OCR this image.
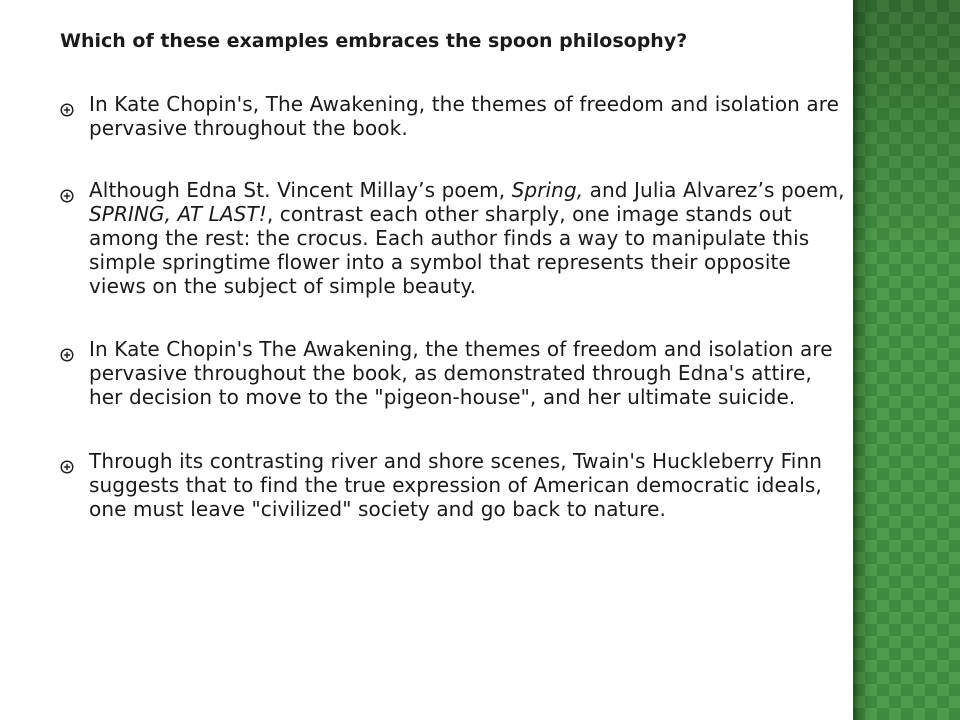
Which of these examples embraces the spoon philosophy?

In Kate Chopin's, The Awakening, the themes of freedom and isolation are pervasive throughout the book.
Although Edna St. Vincent Millay’s poem, Spring, and Julia Alvarez’s poem, SPRING, AT LAST!, contrast each other sharply, one image stands out among the rest: the crocus. Each author finds a way to manipulate this simple springtime flower into a symbol that represents their opposite views on the subject of simple beauty.
In Kate Chopin's The Awakening, the themes of freedom and isolation are pervasive throughout the book, as demonstrated through Edna's attire, her decision to move to the "pigeon-house", and her ultimate suicide.
Through its contrasting river and shore scenes, Twain's Huckleberry Finn suggests that to find the true expression of American democratic ideals, one must leave "civilized" society and go back to nature.
